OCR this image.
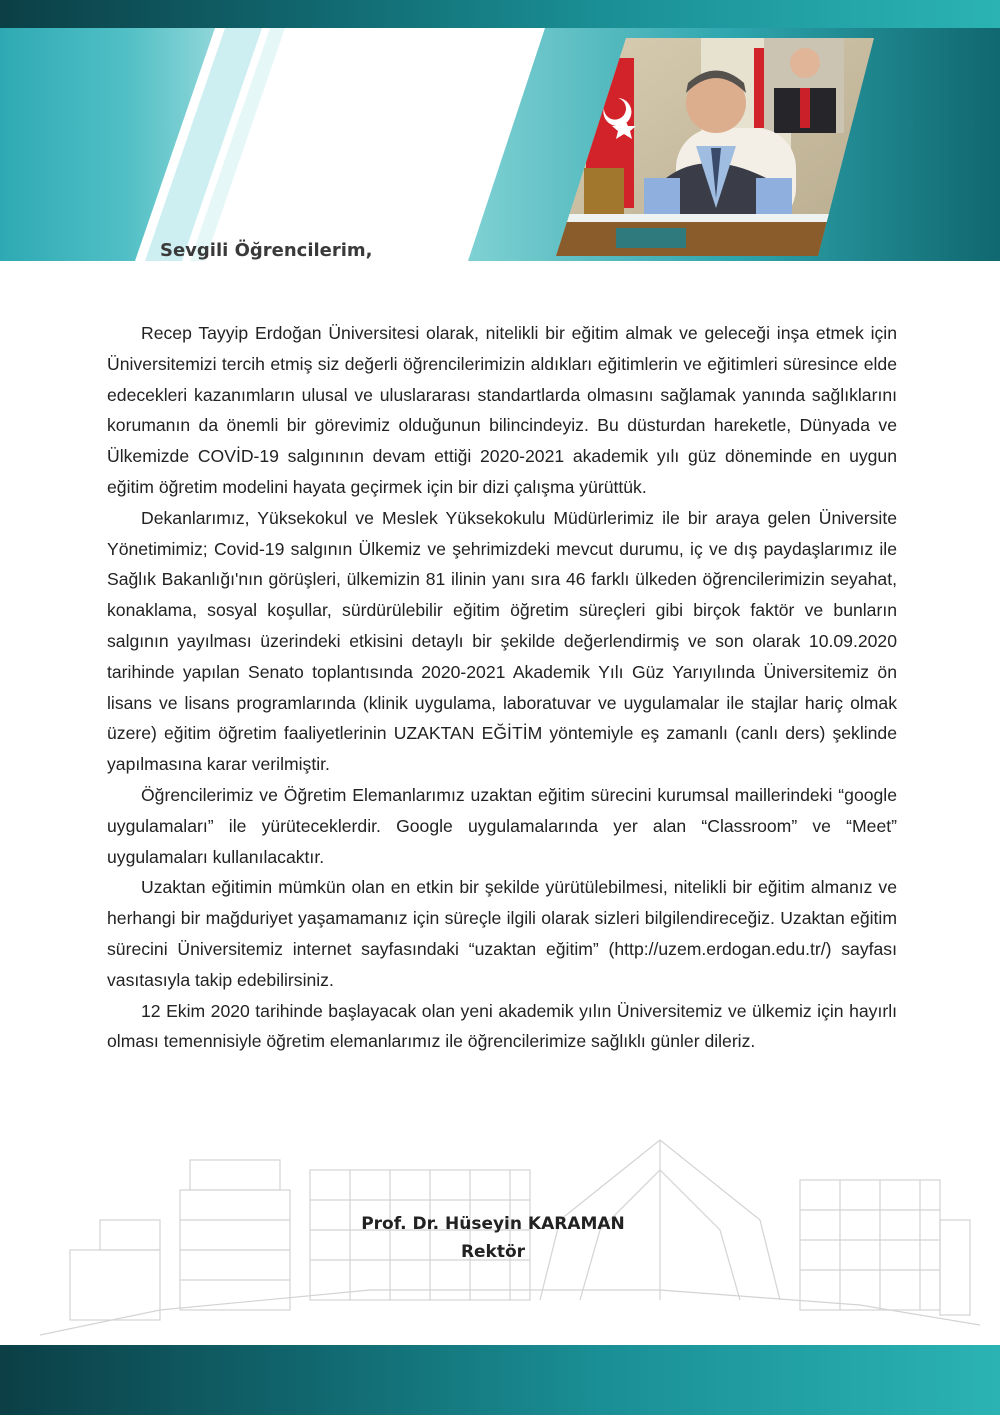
Sevgili Öğrencilerim,

Recep Tayyip Erdoğan Üniversitesi olarak, nitelikli bir eğitim almak ve geleceği inşa etmek için Üniversitemizi tercih etmiş siz değerli öğrencilerimizin aldıkları eğitimlerin ve eğitimleri süresince elde edecekleri kazanımların ulusal ve uluslararası standartlarda olmasını sağlamak yanında sağlıklarını korumanın da önemli bir görevimiz olduğunun bilincindeyiz. Bu düsturdan hareketle, Dünyada ve Ülkemizde COVİD-19 salgınının devam ettiği 2020-2021 akademik yılı güz döneminde en uygun eğitim öğretim modelini hayata geçirmek için bir dizi çalışma yürüttük.

Dekanlarımız, Yüksekokul ve Meslek Yüksekokulu Müdürlerimiz ile bir araya gelen Üniversite Yönetimimiz; Covid-19 salgının Ülkemiz ve şehrimizdeki mevcut durumu, iç ve dış paydaşlarımız ile Sağlık Bakanlığı'nın görüşleri, ülkemizin 81 ilinin yanı sıra 46 farklı ülkeden öğrencilerimizin seyahat, konaklama, sosyal koşullar, sürdürülebilir eğitim öğretim süreçleri gibi birçok faktör ve bunların salgının yayılması üzerindeki etkisini detaylı bir şekilde değerlendirmiş ve son olarak 10.09.2020 tarihinde yapılan Senato toplantısında 2020-2021 Akademik Yılı Güz Yarıyılında Üniversitemiz ön lisans ve lisans programlarında (klinik uygulama, laboratuvar ve uygulamalar ile stajlar hariç olmak üzere) eğitim öğretim faaliyetlerinin UZAKTAN EĞİTİM yöntemiyle eş zamanlı (canlı ders) şeklinde yapılmasına karar verilmiştir.

Öğrencilerimiz ve Öğretim Elemanlarımız uzaktan eğitim sürecini kurumsal maillerindeki “google uygulamaları” ile yürüteceklerdir. Google uygulamalarında yer alan “Classroom” ve “Meet” uygulamaları kullanılacaktır.

Uzaktan eğitimin mümkün olan en etkin bir şekilde yürütülebilmesi, nitelikli bir eğitim almanız ve herhangi bir mağduriyet yaşamamanız için süreçle ilgili olarak sizleri bilgilendireceğiz. Uzaktan eğitim sürecini Üniversitemiz internet sayfasındaki “uzaktan eğitim” (http://uzem.erdogan.edu.tr/) sayfası vasıtasıyla takip edebilirsiniz.

12 Ekim 2020 tarihinde başlayacak olan yeni akademik yılın Üniversitemiz ve ülkemiz için hayırlı olması temennisiyle öğretim elemanlarımız ile öğrencilerimize sağlıklı günler dileriz.

Prof. Dr. Hüseyin KARAMAN
Rektör
